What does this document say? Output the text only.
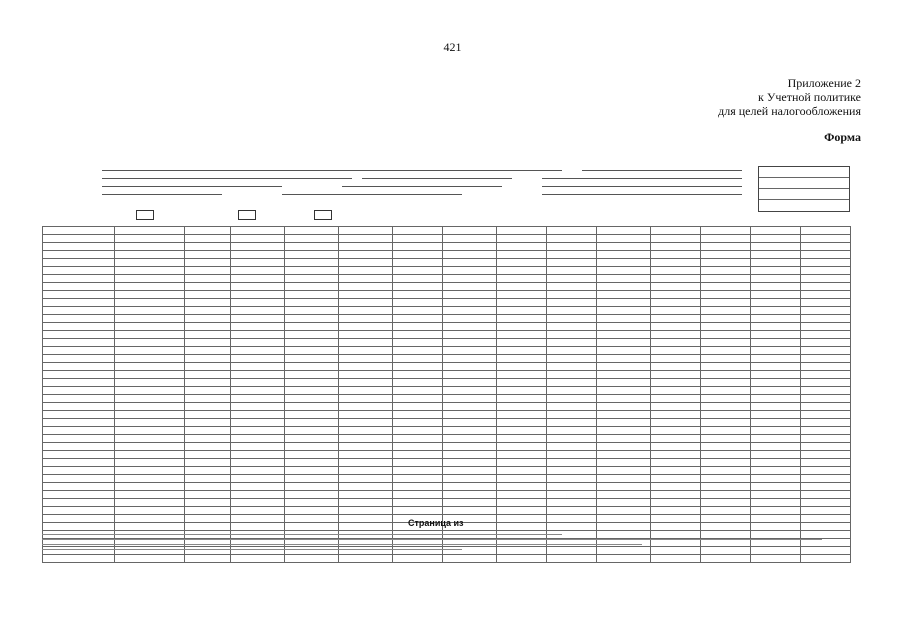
421
Приложение 2
к Учетной политике
для целей налогообложения
Форма

Страница из
